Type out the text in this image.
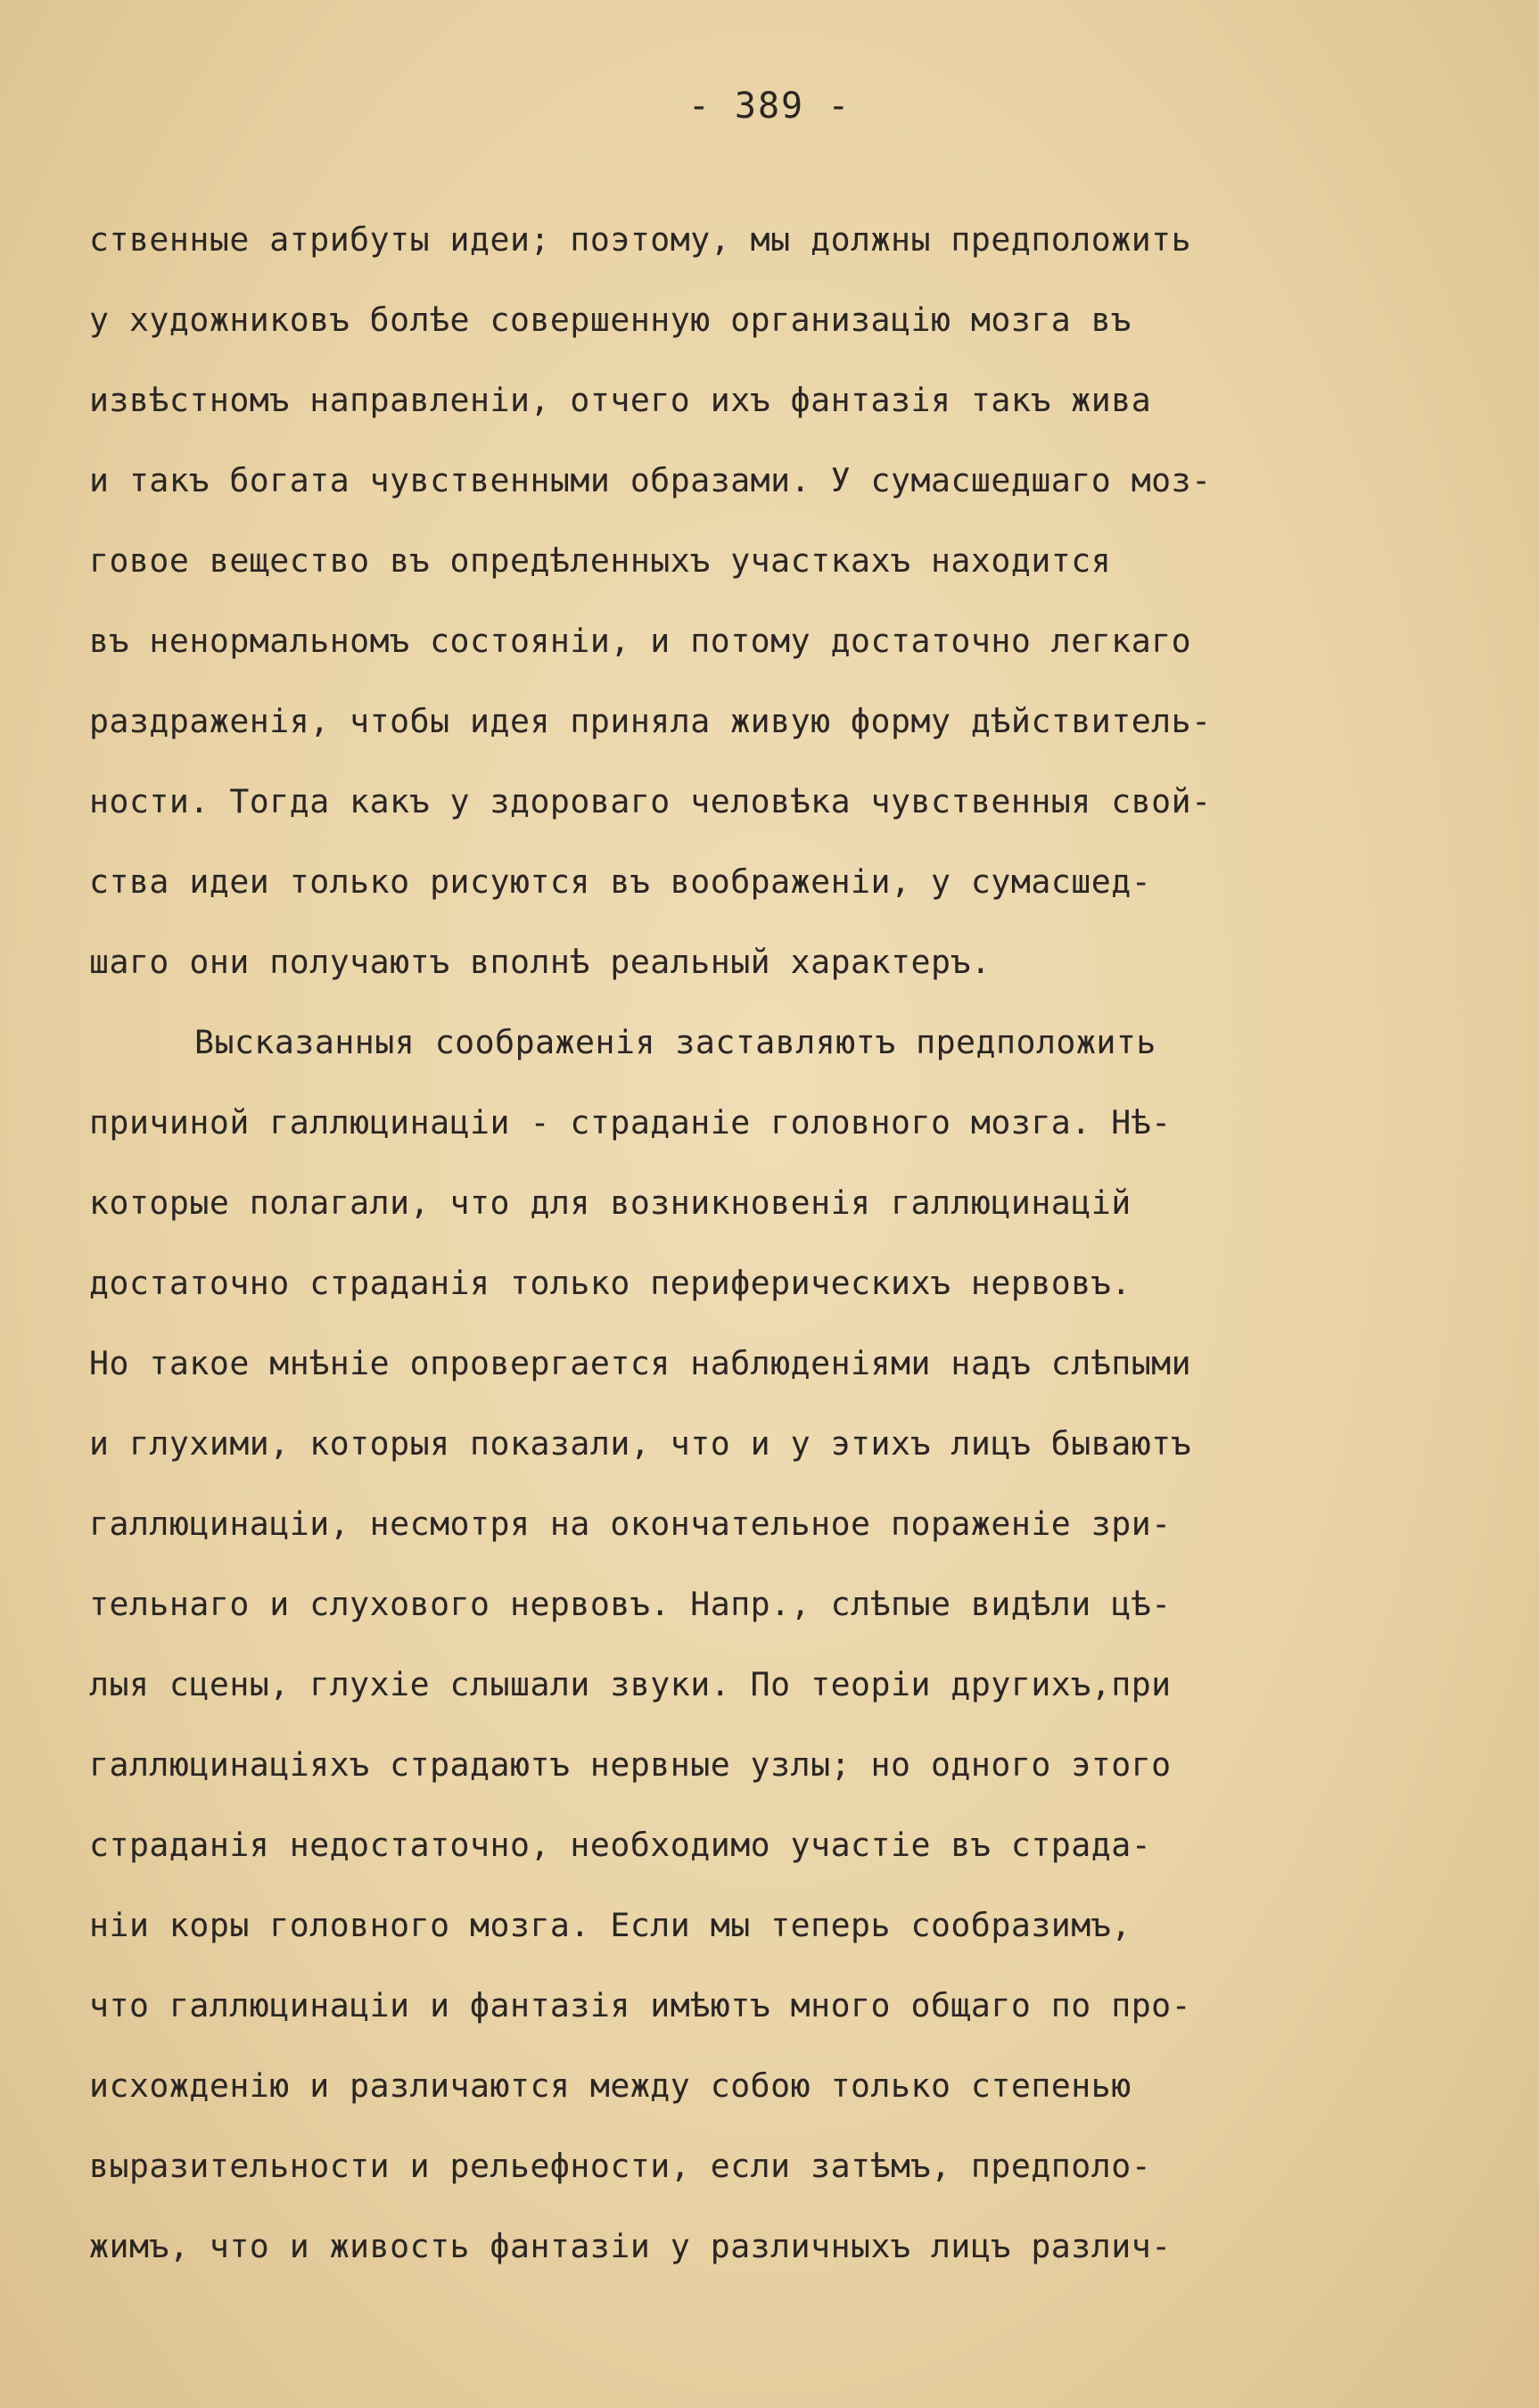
- 389 -
ственные атрибуты идеи; поэтому, мы должны предположить
у художниковъ болѣе совершенную организацію мозга въ
извѣстномъ направленіи, отчего ихъ фантазія такъ жива
и такъ богата чувственными образами. У сумасшедшаго моз-
говое вещество въ опредѣленныхъ участкахъ находится
въ ненормальномъ состояніи, и потому достаточно легкаго
раздраженія, чтобы идея приняла живую форму дѣйствитель-
ности. Тогда какъ у здороваго человѣка чувственныя свой-
ства идеи только рисуются въ воображеніи, у сумасшед-
шаго они получаютъ вполнѣ реальный характеръ.
Высказанныя соображенія заставляютъ предположить
причиной галлюцинаціи - страданіе головного мозга. Нѣ-
которые полагали, что для возникновенія галлюцинацій
достаточно страданія только периферическихъ нервовъ.
Но такое мнѣніе опровергается наблюденіями надъ слѣпыми
и глухими, которыя показали, что и у этихъ лицъ бываютъ
галлюцинаціи, несмотря на окончательное пораженіе зри-
тельнаго и слухового нервовъ. Напр., слѣпые видѣли цѣ-
лыя сцены, глухіе слышали звуки. По теоріи другихъ,при
галлюцинаціяхъ страдаютъ нервные узлы; но одного этого
страданія недостаточно, необходимо участіе въ страда-
ніи коры головного мозга. Если мы теперь сообразимъ,
что галлюцинаціи и фантазія имѣютъ много общаго по про-
исхожденію и различаются между собою только степенью
выразительности и рельефности, если затѣмъ, предполо-
жимъ, что и живость фантазіи у различныхъ лицъ различ-
